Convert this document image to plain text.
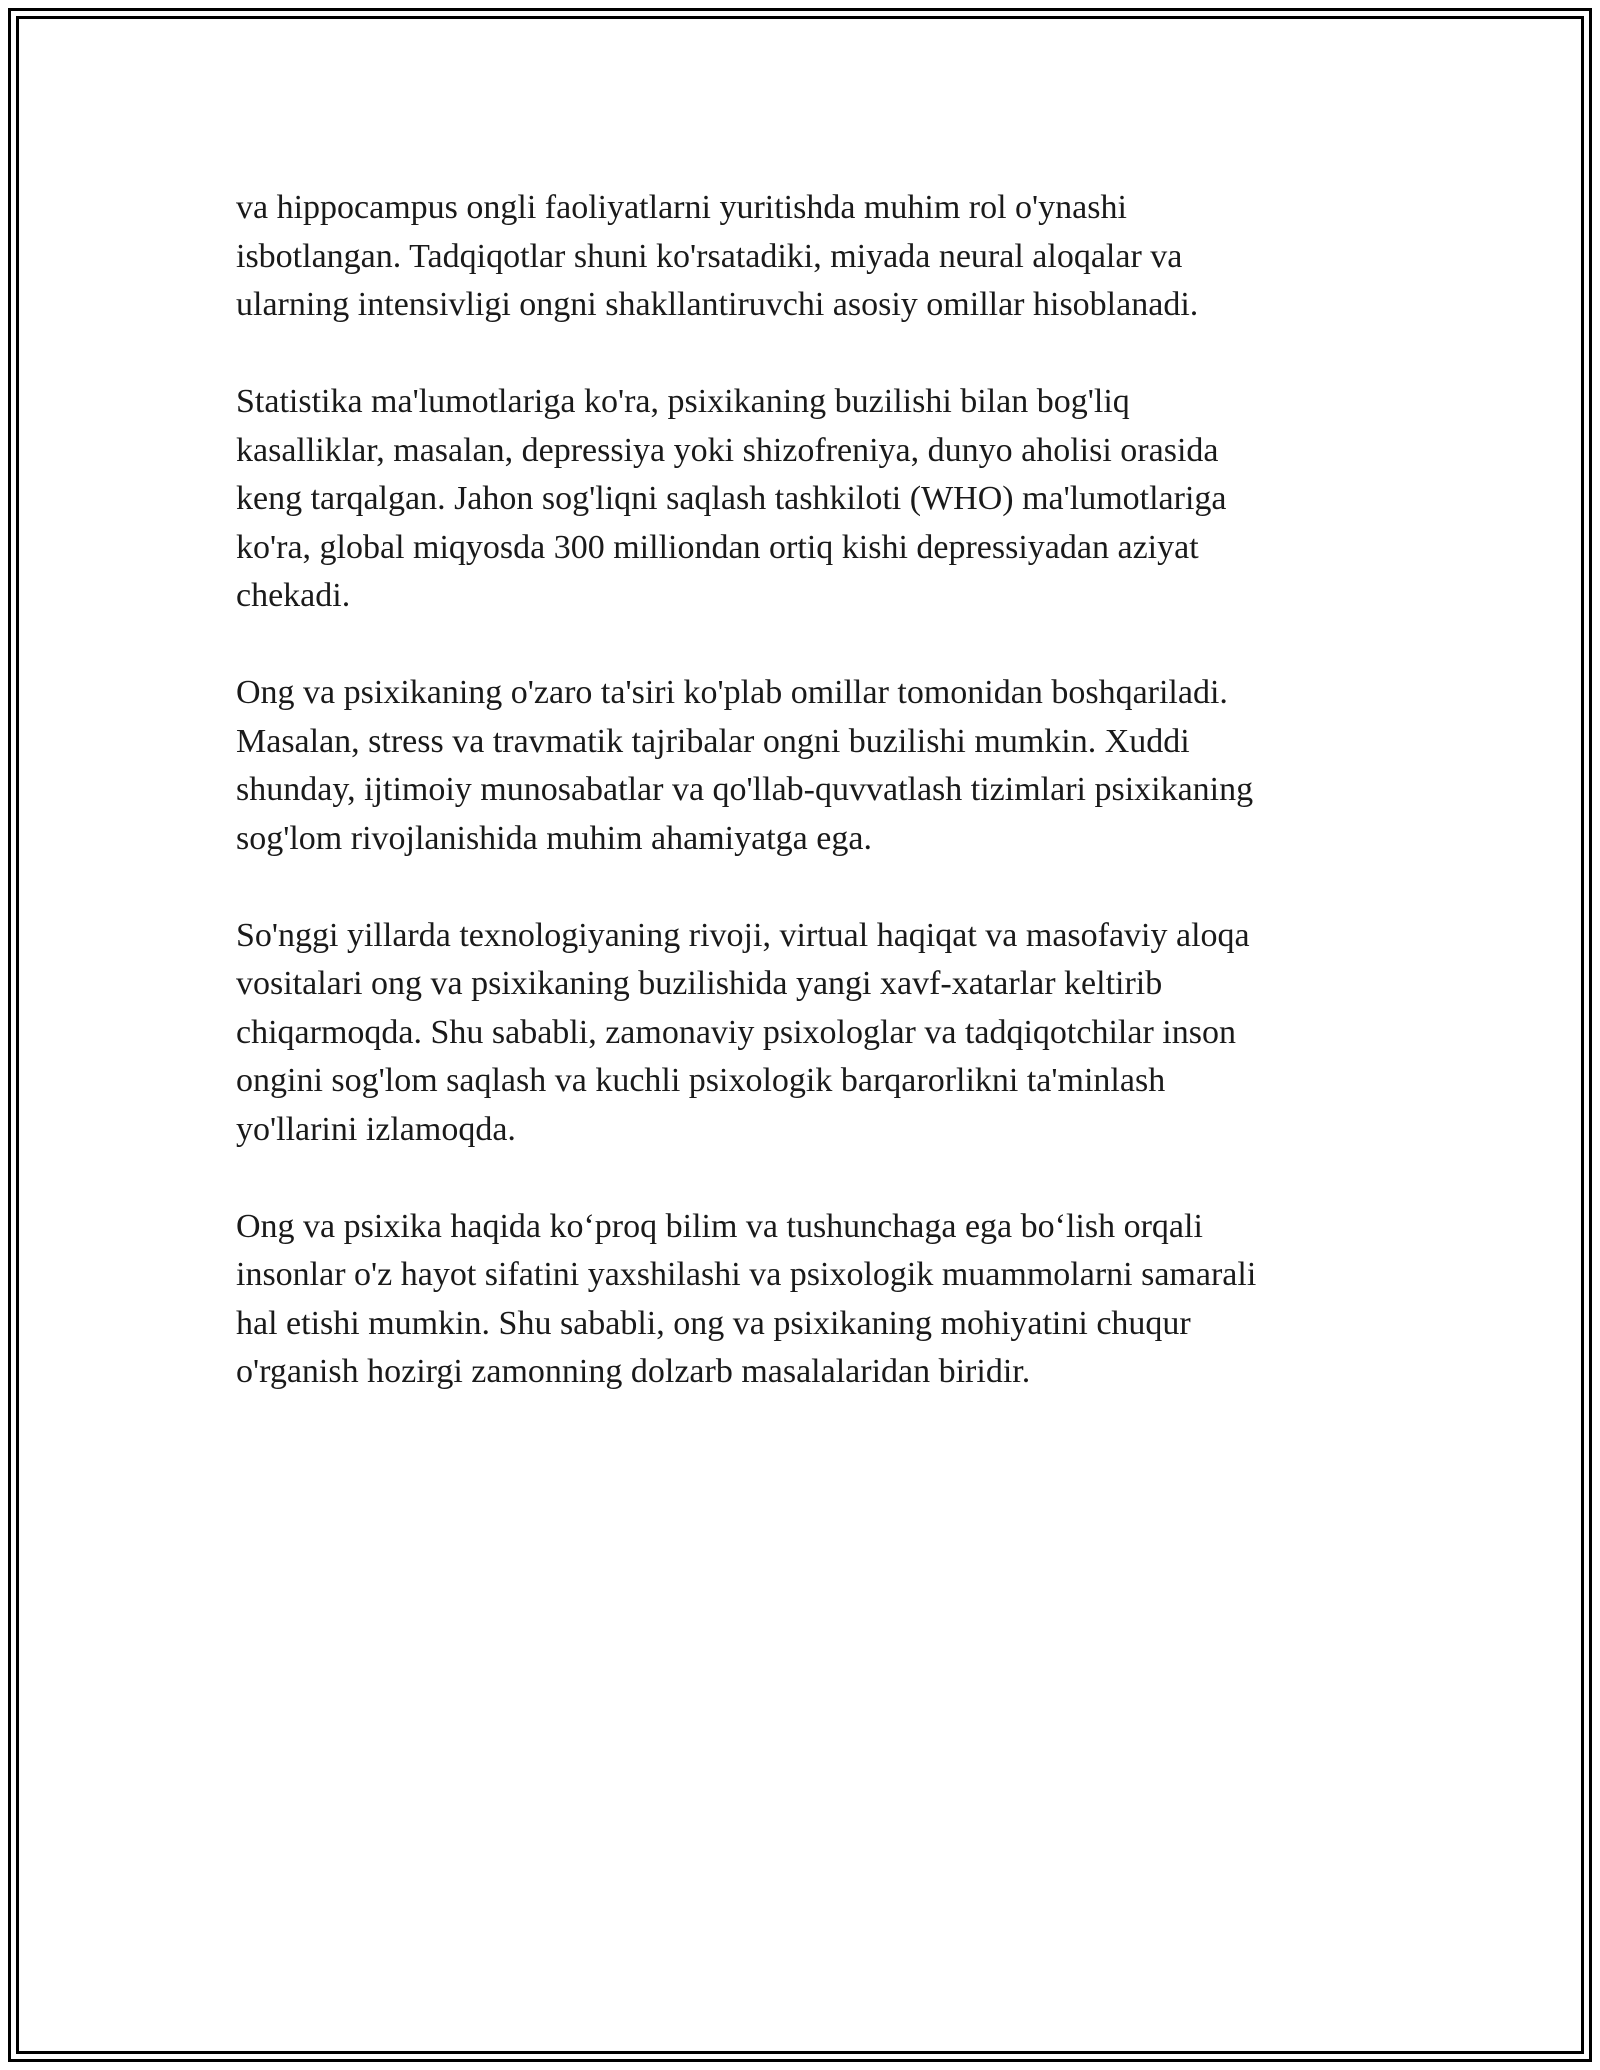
va hippocampus ongli faoliyatlarni yuritishda muhim rol o'ynashi
isbotlangan. Tadqiqotlar shuni ko'rsatadiki, miyada neural aloqalar va
ularning intensivligi ongni shakllantiruvchi asosiy omillar hisoblanadi.

Statistika ma'lumotlariga ko'ra, psixikaning buzilishi bilan bog'liq
kasalliklar, masalan, depressiya yoki shizofreniya, dunyo aholisi orasida
keng tarqalgan. Jahon sog'liqni saqlash tashkiloti (WHO) ma'lumotlariga
ko'ra, global miqyosda 300 milliondan ortiq kishi depressiyadan aziyat
chekadi.

Ong va psixikaning o'zaro ta'siri ko'plab omillar tomonidan boshqariladi.
Masalan, stress va travmatik tajribalar ongni buzilishi mumkin. Xuddi
shunday, ijtimoiy munosabatlar va qo'llab-quvvatlash tizimlari psixikaning
sog'lom rivojlanishida muhim ahamiyatga ega.

So'nggi yillarda texnologiyaning rivoji, virtual haqiqat va masofaviy aloqa
vositalari ong va psixikaning buzilishida yangi xavf-xatarlar keltirib
chiqarmoqda. Shu sababli, zamonaviy psixologlar va tadqiqotchilar inson
ongini sog'lom saqlash va kuchli psixologik barqarorlikni ta'minlash
yo'llarini izlamoqda.

Ong va psixika haqida ko‘proq bilim va tushunchaga ega bo‘lish orqali
insonlar o'z hayot sifatini yaxshilashi va psixologik muammolarni samarali
hal etishi mumkin. Shu sababli, ong va psixikaning mohiyatini chuqur
o'rganish hozirgi zamonning dolzarb masalalaridan biridir.
